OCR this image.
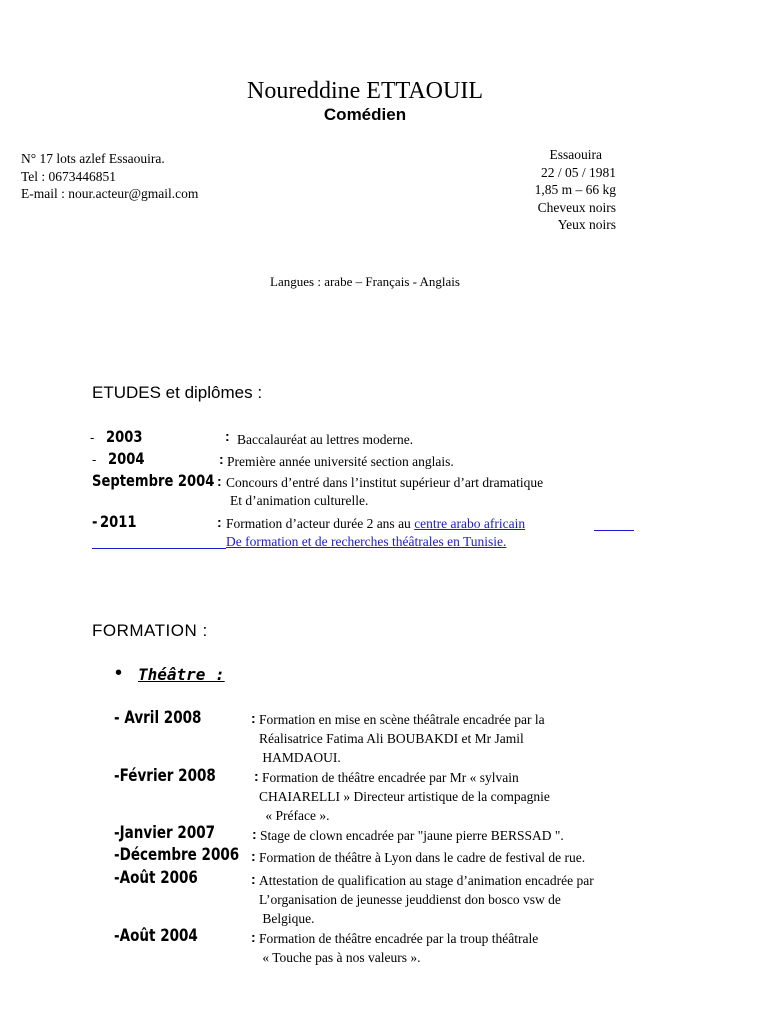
Noureddine ETTAOUIL
Comédien
N° 17 lots azlef Essaouira.
Tel : 0673446851
E-mail : nour.acteur@gmail.com
Essaouira
22 / 05 / 1981
1,85 m – 66 kg
Cheveux noirs
Yeux noirs
Langues : arabe – Français - Anglais
ETUDES et diplômes :
- 2003	: Baccalauréat au lettres moderne.
- 2004	: Première année université section anglais.
Septembre 2004 : Concours d’entré dans l’institut supérieur d’art dramatique
Et d’animation culturelle.
- 2011	: Formation d’acteur durée 2 ans au centre arabo africain
De formation et de recherches théâtrales en Tunisie.
FORMATION :
• Théâtre :
- Avril 2008	: Formation en mise en scène théâtrale encadrée par la
Réalisatrice Fatima Ali BOUBAKDI et Mr Jamil
HAMDAOUI.
-Février 2008	: Formation de théâtre encadrée par Mr « sylvain
CHAIARELLI » Directeur artistique de la compagnie
« Préface ».
-Janvier 2007	: Stage de clown encadrée par "jaune pierre BERSSAD ".
-Décembre 2006 : Formation de théâtre à Lyon dans le cadre de festival de rue.
-Août 2006	: Attestation de qualification au stage d’animation encadrée par
L’organisation de jeunesse jeuddienst don bosco vsw de
Belgique.
-Août 2004	: Formation de théâtre encadrée par la troup théâtrale
« Touche pas à nos valeurs ».
